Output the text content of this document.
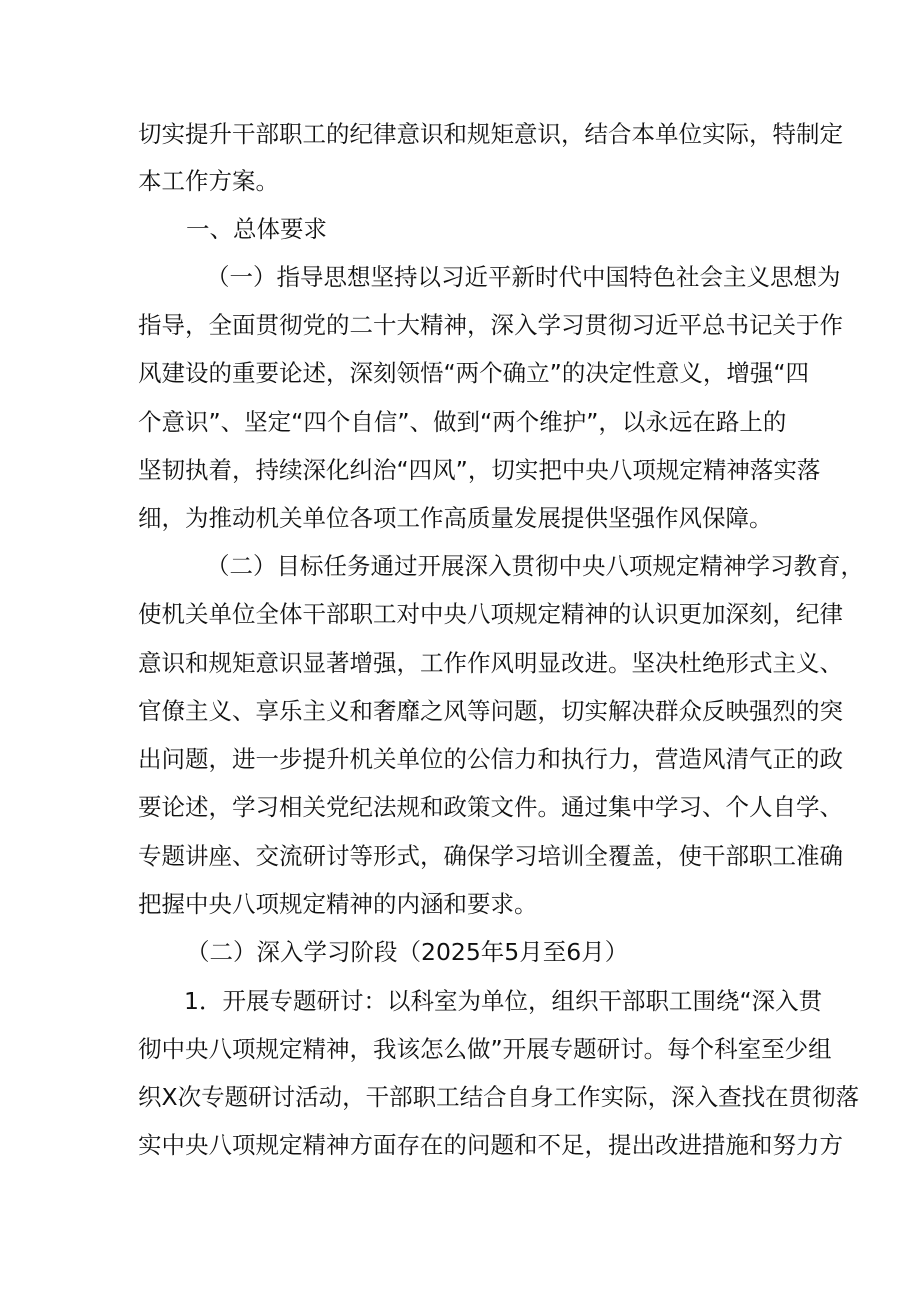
切实提升干部职工的纪律意识和规矩意识，结合本单位实际，特制定
本工作方案。
一、总体要求
（一）指导思想坚持以习近平新时代中国特色社会主义思想为
指导，全面贯彻党的二十大精神，深入学习贯彻习近平总书记关于作
风建设的重要论述，深刻领悟“两个确立”的决定性意义，增强“四
个意识”、坚定“四个自信”、做到“两个维护”，以永远在路上的
坚韧执着，持续深化纠治“四风”，切实把中央八项规定精神落实落
细，为推动机关单位各项工作高质量发展提供坚强作风保障。
（二）目标任务通过开展深入贯彻中央八项规定精神学习教育，
使机关单位全体干部职工对中央八项规定精神的认识更加深刻，纪律
意识和规矩意识显著增强，工作作风明显改进。坚决杜绝形式主义、
官僚主义、享乐主义和奢靡之风等问题，切实解决群众反映强烈的突
出问题，进一步提升机关单位的公信力和执行力，营造风清气正的政
要论述，学习相关党纪法规和政策文件。通过集中学习、个人自学、
专题讲座、交流研讨等形式，确保学习培训全覆盖，使干部职工准确
把握中央八项规定精神的内涵和要求。
（二）深入学习阶段（2025年5月至6月）
1．开展专题研讨：以科室为单位，组织干部职工围绕“深入贯
彻中央八项规定精神，我该怎么做”开展专题研讨。每个科室至少组
织X次专题研讨活动，干部职工结合自身工作实际，深入查找在贯彻落
实中央八项规定精神方面存在的问题和不足，提出改进措施和努力方
